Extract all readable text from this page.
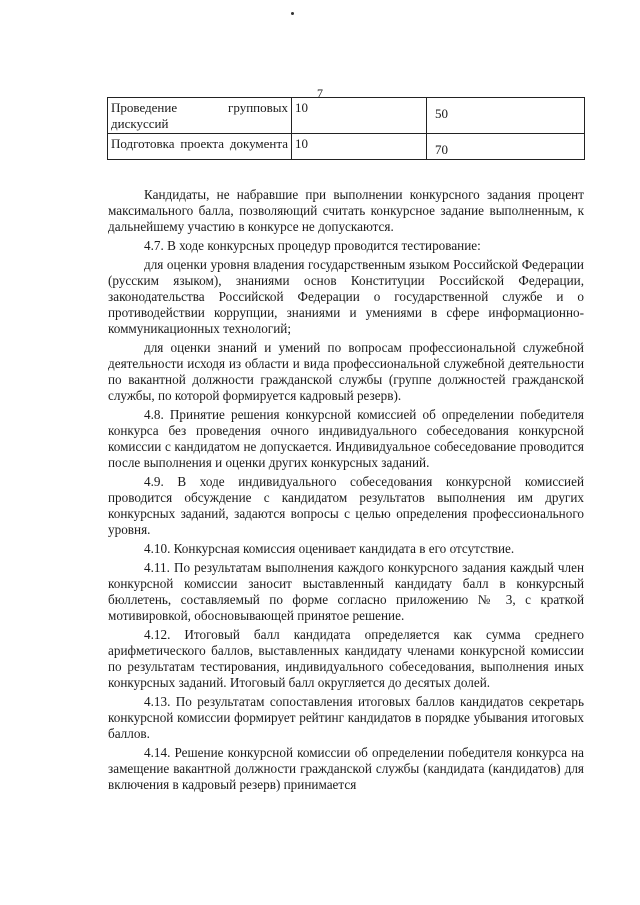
7
Проведение групповых дискуссий	10	50

Подготовка проекта документа	10	70

Кандидаты, не набравшие при выполнении конкурсного задания процент максимального балла, позволяющий считать конкурсное задание выполненным, к дальнейшему участию в конкурсе не допускаются.

4.7. В ходе конкурсных процедур проводится тестирование:

для оценки уровня владения государственным языком Российской Федерации (русским языком), знаниями основ Конституции Российской Федерации, законодательства Российской Федерации о государственной службе и о противодействии коррупции, знаниями и умениями в сфере информационно-коммуникационных технологий;

для оценки знаний и умений по вопросам профессиональной служебной деятельности исходя из области и вида профессиональной служебной деятельности по вакантной должности гражданской службы (группе должностей гражданской службы, по которой формируется кадровый резерв).

4.8. Принятие решения конкурсной комиссией об определении победителя конкурса без проведения очного индивидуального собеседования конкурсной комиссии с кандидатом не допускается. Индивидуальное собеседование проводится после выполнения и оценки других конкурсных заданий.

4.9. В ходе индивидуального собеседования конкурсной комиссией проводится обсуждение с кандидатом результатов выполнения им других конкурсных заданий, задаются вопросы с целью определения профессионального уровня.

4.10. Конкурсная комиссия оценивает кандидата в его отсутствие.

4.11. По результатам выполнения каждого конкурсного задания каждый член конкурсной комиссии заносит выставленный кандидату балл в конкурсный бюллетень, составляемый по форме согласно приложению № 3, с краткой мотивировкой, обосновывающей принятое решение.

4.12. Итоговый балл кандидата определяется как сумма среднего арифметического баллов, выставленных кандидату членами конкурсной комиссии по результатам тестирования, индивидуального собеседования, выполнения иных конкурсных заданий. Итоговый балл округляется до десятых долей.

4.13. По результатам сопоставления итоговых баллов кандидатов секретарь конкурсной комиссии формирует рейтинг кандидатов в порядке убывания итоговых баллов.

4.14. Решение конкурсной комиссии об определении победителя конкурса на замещение вакантной должности гражданской службы (кандидата (кандидатов) для включения в кадровый резерв) принимается
